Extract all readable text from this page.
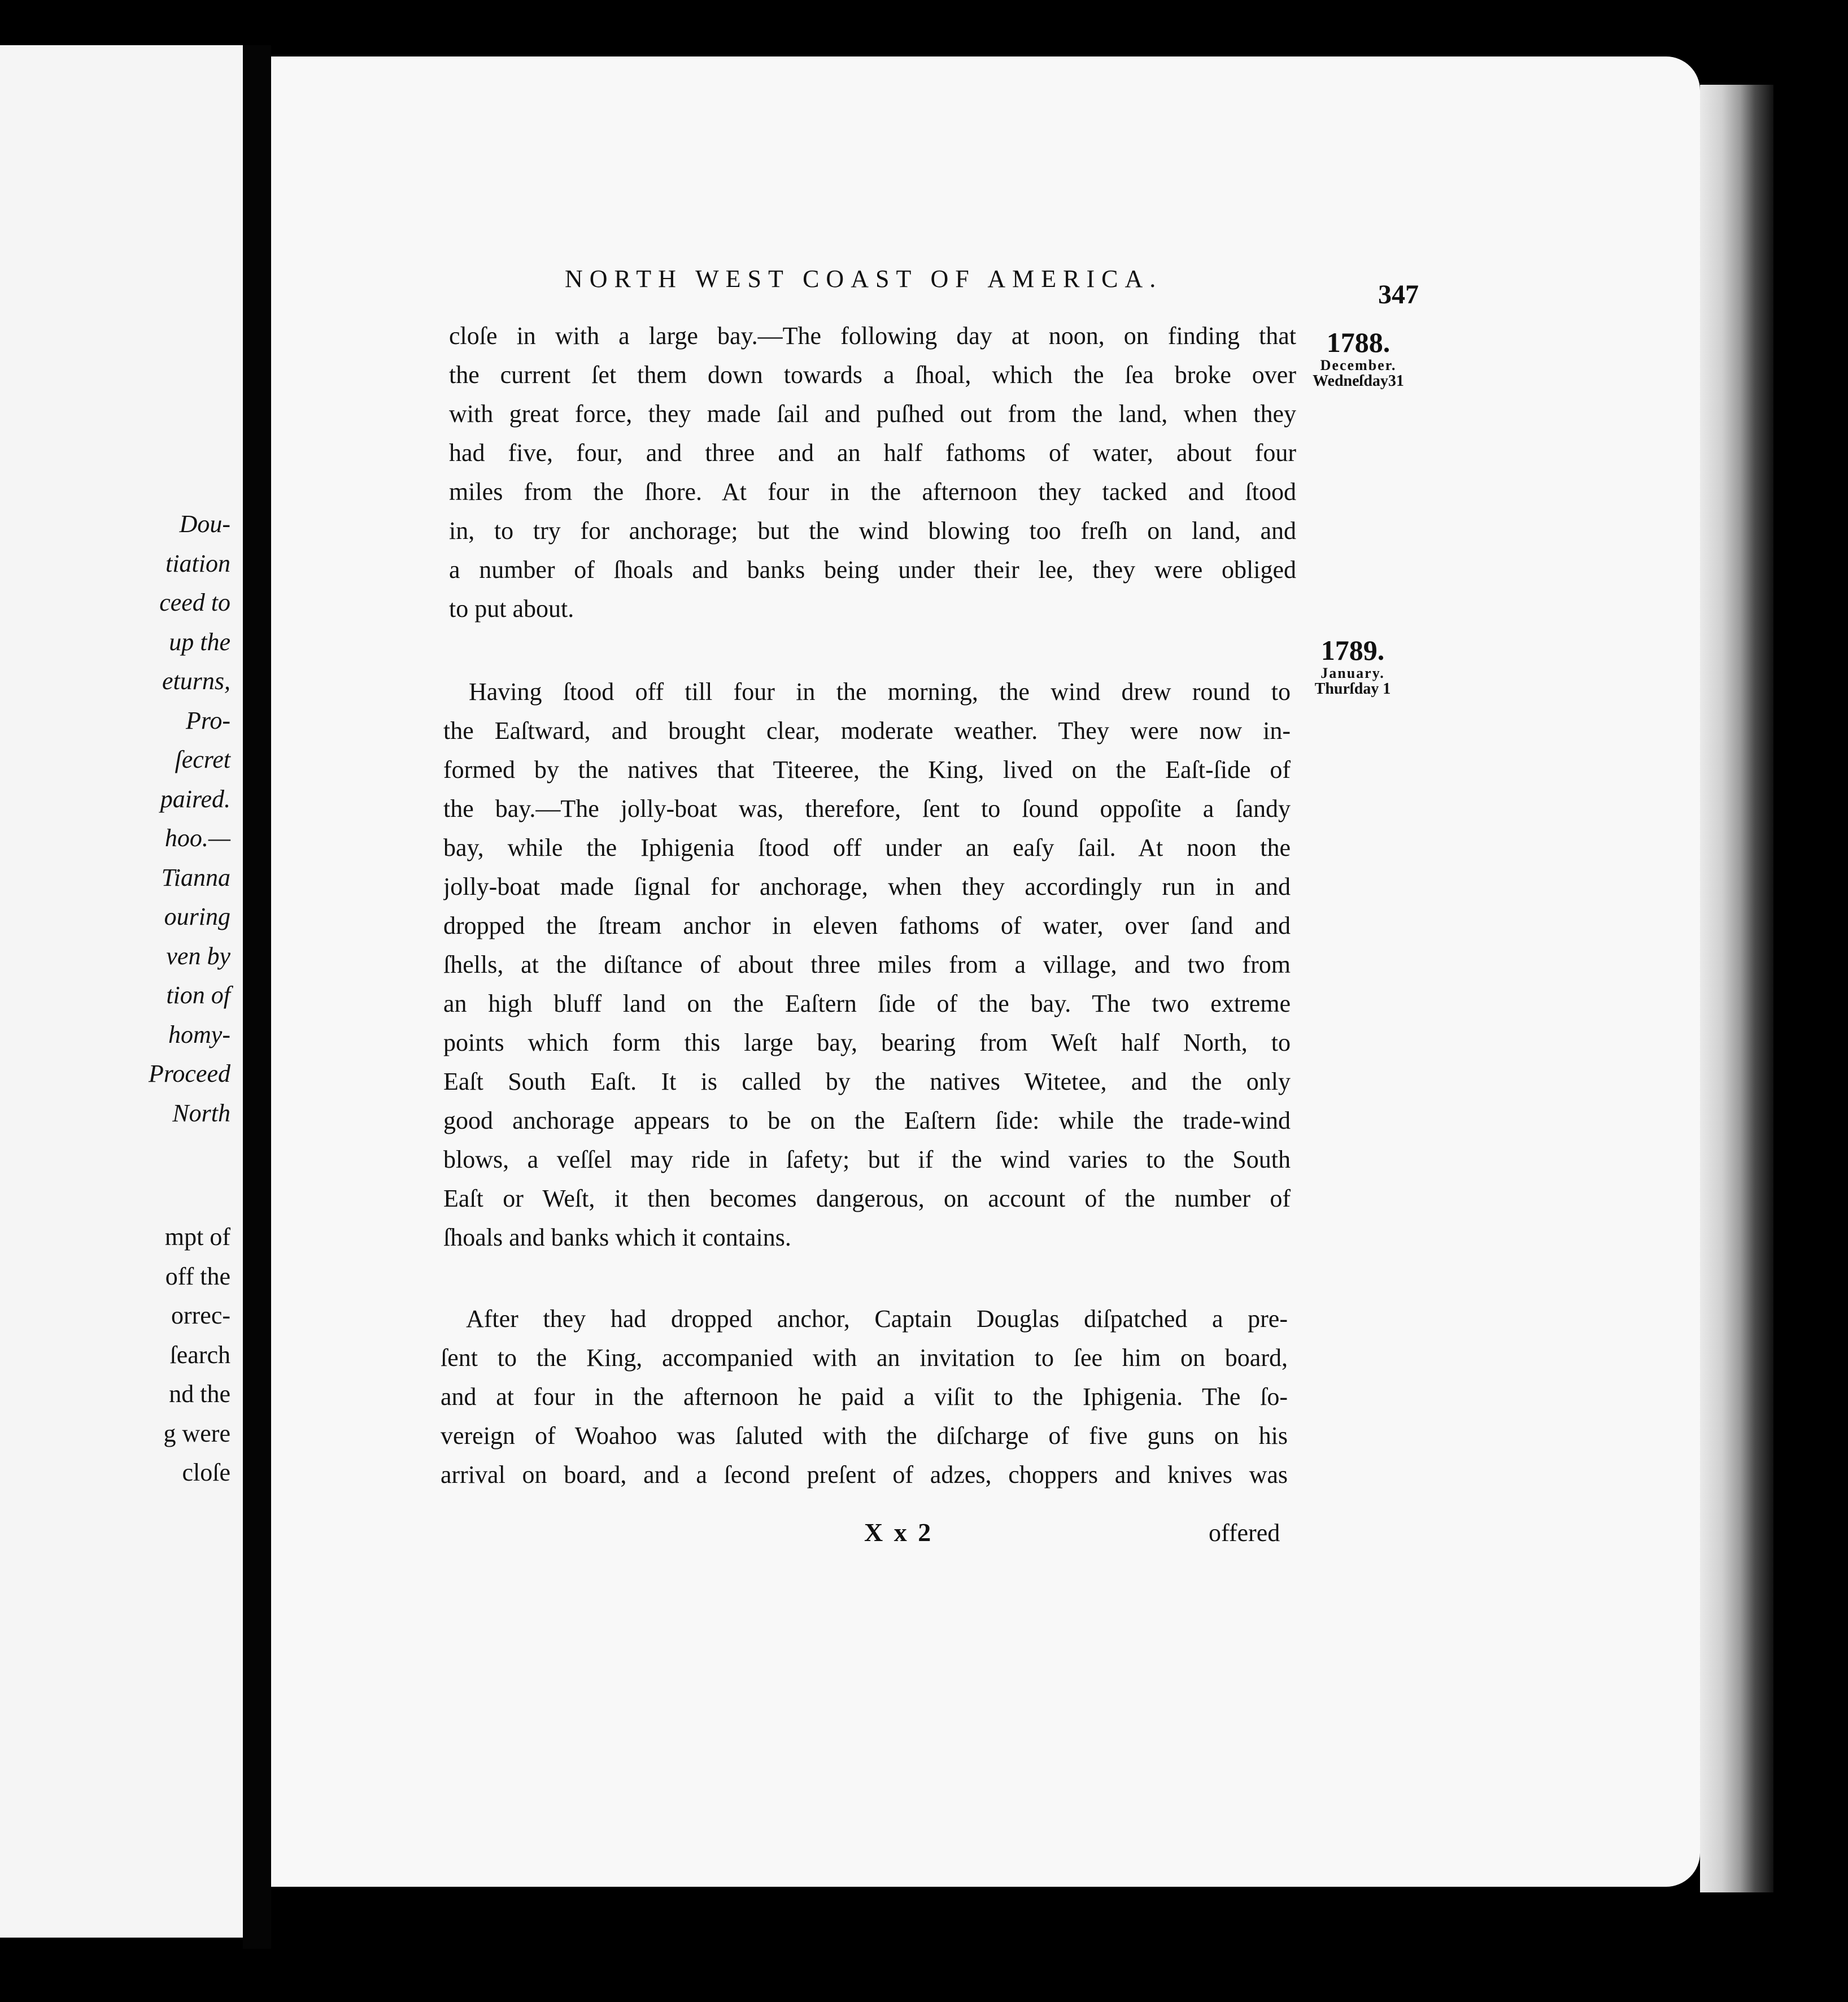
Dou-
tiation
ceed to
up the
eturns,
Pro-
ſecret
paired.
hoo.—
Tianna
ouring
ven by
tion of
homy-
Proceed
North
mpt of
off the
orrec-
ſearch
nd the
g were
cloſe
NORTH WEST COAST OF AMERICA.
347
1788.
December.
Wedneſday31
1789.
January.
Thurſday 1
cloſe in with a large bay.—The following day at noon, on finding that
the current ſet them down towards a ſhoal, which the ſea broke over
with great force, they made ſail and puſhed out from the land, when they
had five, four, and three and an half fathoms of water, about four
miles from the ſhore. At four in the afternoon they tacked and ſtood
in, to try for anchorage; but the wind blowing too freſh on land, and
a number of ſhoals and banks being under their lee, they were obliged
to put about.
Having ſtood off till four in the morning, the wind drew round to
the Eaſtward, and brought clear, moderate weather. They were now in-
formed by the natives that Titeeree, the King, lived on the Eaſt-ſide of
the bay.—The jolly-boat was, therefore, ſent to ſound oppoſite a ſandy
bay, while the Iphigenia ſtood off under an eaſy ſail. At noon the
jolly-boat made ſignal for anchorage, when they accordingly run in and
dropped the ſtream anchor in eleven fathoms of water, over ſand and
ſhells, at the diſtance of about three miles from a village, and two from
an high bluff land on the Eaſtern ſide of the bay. The two extreme
points which form this large bay, bearing from Weſt half North, to
Eaſt South Eaſt. It is called by the natives Witetee, and the only
good anchorage appears to be on the Eaſtern ſide: while the trade-wind
blows, a veſſel may ride in ſafety; but if the wind varies to the South
Eaſt or Weſt, it then becomes dangerous, on account of the number of
ſhoals and banks which it contains.
After they had dropped anchor, Captain Douglas diſpatched a pre-
ſent to the King, accompanied with an invitation to ſee him on board,
and at four in the afternoon he paid a viſit to the Iphigenia. The ſo-
vereign of Woahoo was ſaluted with the diſcharge of five guns on his
arrival on board, and a ſecond preſent of adzes, choppers and knives was
X x 2	offered
